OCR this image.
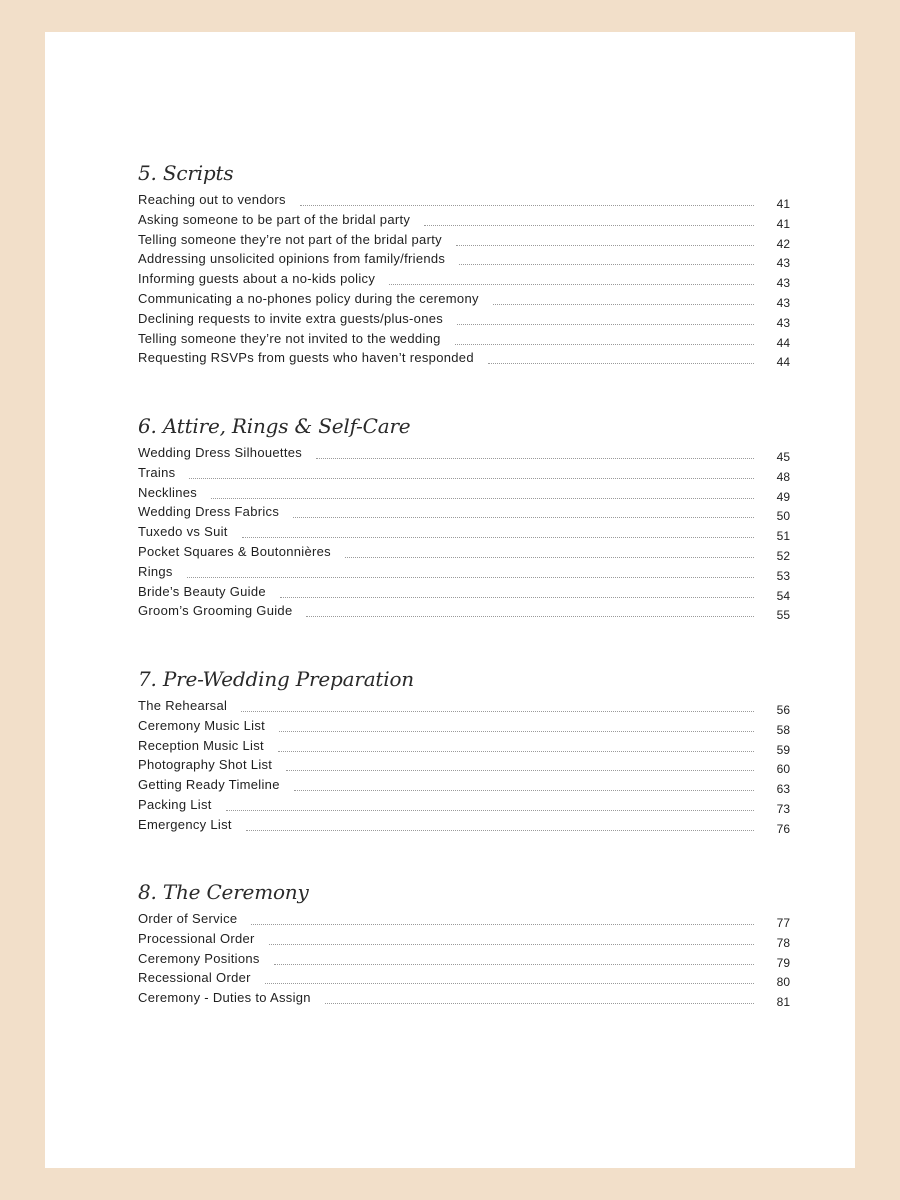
5. Scripts
Reaching out to vendors	41
Asking someone to be part of the bridal party	41
Telling someone they’re not part of the bridal party	42
Addressing unsolicited opinions from family/friends	43
Informing guests about a no-kids policy	43
Communicating a no-phones policy during the ceremony	43
Declining requests to invite extra guests/plus-ones	43
Telling someone they’re not invited to the wedding	44
Requesting RSVPs from guests who haven’t responded	44
6. Attire, Rings & Self-Care
Wedding Dress Silhouettes	45
Trains	48
Necklines	49
Wedding Dress Fabrics	50
Tuxedo vs Suit	51
Pocket Squares & Boutonnières	52
Rings	53
Bride’s Beauty Guide	54
Groom’s Grooming Guide	55
7. Pre-Wedding Preparation
The Rehearsal	56
Ceremony Music List	58
Reception Music List	59
Photography Shot List	60
Getting Ready Timeline	63
Packing List	73
Emergency List	76
8. The Ceremony
Order of Service	77
Processional Order	78
Ceremony Positions	79
Recessional Order	80
Ceremony - Duties to Assign	81
